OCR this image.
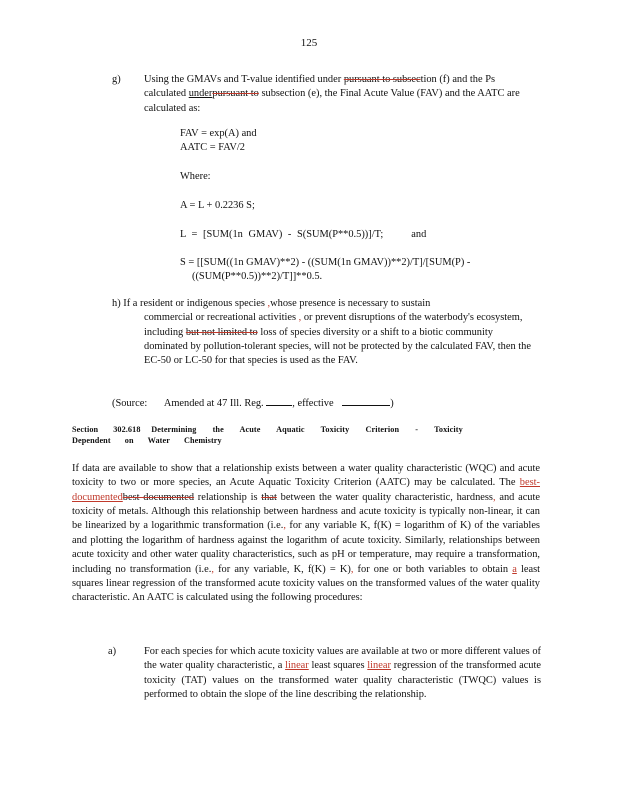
125
g) Using the GMAVs and T-value identified under pursuant to subsection (f) and the Ps calculated underpursuant to subsection (e), the Final Acute Value (FAV) and the AATC are calculated as:
FAV = exp(A) and
AATC = FAV/2
Where:
A = L + 0.2236 S;
L = [SUM(1n GMAV) - S(SUM(P**0.5))]/T;	and
S = [[SUM((1n GMAV)**2) - ((SUM(1n GMAV))**2)/T]/[SUM(P) -
((SUM(P**0.5))**2)/T]]**0.5.
h) If a resident or indigenous species ,whose presence is necessary to sustain
commercial or recreational activities , or prevent disruptions of the waterbody's ecosystem, including but not limited to loss of species diversity or a shift to a biotic community dominated by pollution-tolerant species, will not be protected by the calculated FAV, then the EC-50 or LC-50 for that species is used as the FAV.
(Source: Amended at 47 Ill. Reg.	, effective	)
Section 302.618 Determining the Acute Aquatic Toxicity Criterion - Toxicity
Dependent on Water Chemistry
If data are available to show that a relationship exists between a water quality characteristic (WQC) and acute toxicity to two or more species, an Acute Aquatic Toxicity Criterion (AATC) may be calculated. The best-documentedbest documented relationship is that between the water quality characteristic, hardness, and acute toxicity of metals. Although this relationship between hardness and acute toxicity is typically non-linear, it can be linearized by a logarithmic transformation (i.e., for any variable K, f(K) = logarithm of K) of the variables and plotting the logarithm of hardness against the logarithm of acute toxicity. Similarly, relationships between acute toxicity and other water quality characteristics, such as pH or temperature, may require a transformation, including no transformation (i.e., for any variable, K, f(K) = K), for one or both variables to obtain a least squares linear regression of the transformed acute toxicity values on the transformed values of the water quality characteristic. An AATC is calculated using the following procedures:
a)	For each species for which acute toxicity values are available at two or more different values of the water quality characteristic, a linear least squares linear regression of the transformed acute toxicity (TAT) values on the transformed water quality characteristic (TWQC) values is performed to obtain the slope of the line describing the relationship.
